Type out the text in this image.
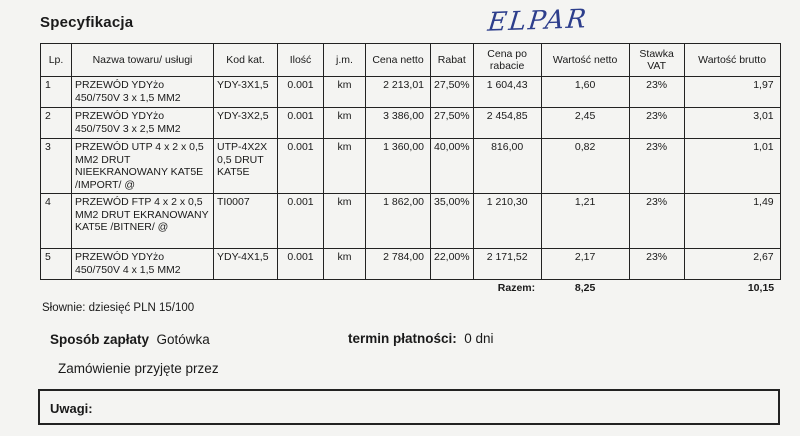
Specyfikacja	ELPAR
Lp.	Nazwa towaru/ usługi	Kod kat.	Ilość	j.m.	Cena netto	Rabat	Cena po rabacie	Wartość netto	Stawka VAT	Wartość brutto
1	PRZEWÓD YDYżo 450/750V 3 x 1,5 MM2	YDY-3X1,5	0.001	km	2 213,01	27,50%	1 604,43	1,60	23%	1,97
2	PRZEWÓD YDYżo 450/750V 3 x 2,5 MM2	YDY-3X2,5	0.001	km	3 386,00	27,50%	2 454,85	2,45	23%	3,01
3	PRZEWÓD UTP 4 x 2 x 0,5 MM2 DRUT NIEEKRANOWANY KAT5E /IMPORT/ @	UTP-4X2X 0,5 DRUT KAT5E	0.001	km	1 360,00	40,00%	816,00	0,82	23%	1,01
4	PRZEWÓD FTP 4 x 2 x 0,5 MM2 DRUT EKRANOWANY KAT5E /BITNER/ @	TI0007	0.001	km	1 862,00	35,00%	1 210,30	1,21	23%	1,49
5	PRZEWÓD YDYżo 450/750V 4 x 1,5 MM2	YDY-4X1,5	0.001	km	2 784,00	22,00%	2 171,52	2,17	23%	2,67
							Razem:	8,25		10,15
Słownie: dziesięć PLN 15/100
Sposób zapłaty Gotówka	termin płatności: 0 dni
Zamówienie przyjęte przez
Uwagi:
